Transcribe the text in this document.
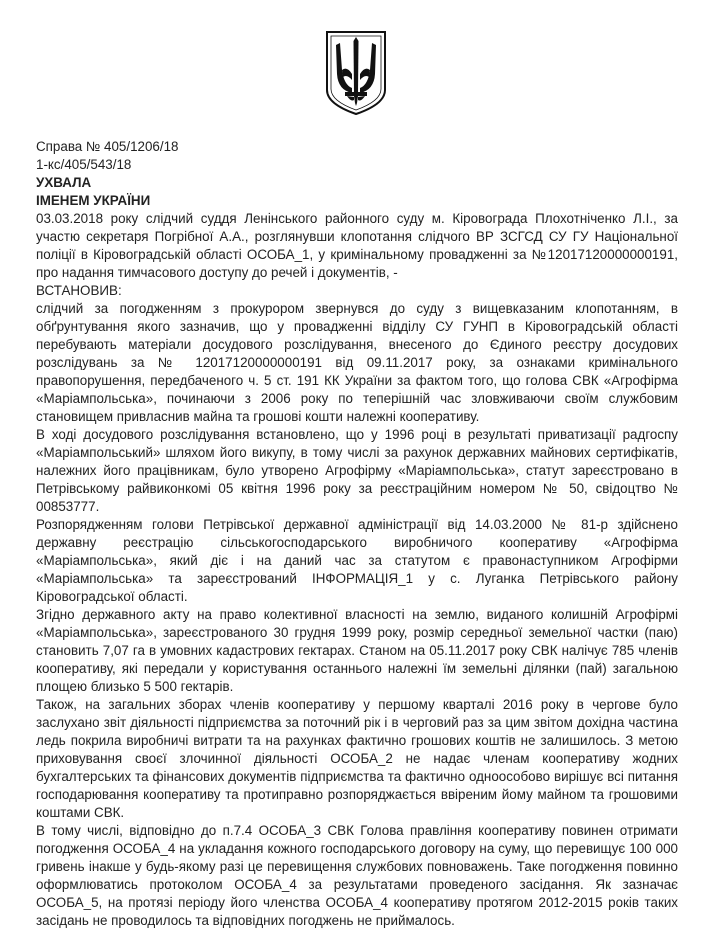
Справа № 405/1206/18
1-кс/405/543/18
УХВАЛА
ІМЕНЕМ УКРАЇНИ

03.03.2018 року слідчий суддя Ленінського районного суду м. Кіровограда Плохотніченко Л.І., за участю секретаря Погрібної А.А., розглянувши клопотання слідчого ВР ЗСГСД СУ ГУ Національної поліції в Кіровоградській області ОСОБА_1, у кримінальному провадженні за №12017120000000191, про надання тимчасового доступу до речей і документів, -

ВСТАНОВИВ:

слідчий за погодженням з прокурором звернувся до суду з вищевказаним клопотанням, в обґрунтування якого зазначив, що у провадженні відділу СУ ГУНП в Кіровоградській області перебувають матеріали досудового розслідування, внесеного до Єдиного реєстру досудових розслідувань за № 12017120000000191 від 09.11.2017 року, за ознаками кримінального правопорушення, передбаченого ч. 5 ст. 191 КК України за фактом того, що голова СВК «Агрофірма «Маріампольська», починаючи з 2006 року по теперішній час зловживаючи своїм службовим становищем привласнив майна та грошові кошти належні кооперативу.

В ході досудового розслідування встановлено, що у 1996 році в результаті приватизації радгоспу «Маріампольський» шляхом його викупу, в тому числі за рахунок державних майнових сертифікатів, належних його працівникам, було утворено Агрофірму «Маріампольська», статут зареєстровано в Петрівському райвиконкомі 05 квітня 1996 року за реєстраційним номером № 50, свідоцтво № 00853777.

Розпорядженням голови Петрівської державної адміністрації від 14.03.2000 № 81-р здійснено державну реєстрацію сільськогосподарського виробничого кооперативу «Агрофірма «Маріампольська», який діє і на даний час за статутом є правонаступником Агрофірми «Маріампольська» та зареєстрований ІНФОРМАЦІЯ_1 у с. Луганка Петрівського району Кіровоградської області.

Згідно державного акту на право колективної власності на землю, виданого колишній Агрофірмі «Маріампольська», зареєстрованого 30 грудня 1999 року, розмір середньої земельної частки (паю) становить 7,07 га в умовних кадастрових гектарах. Станом на 05.11.2017 року СВК налічує 785 членів кооперативу, які передали у користування останнього належні їм земельні ділянки (пай) загальною площею близько 5 500 гектарів.

Також, на загальних зборах членів кооперативу у першому кварталі 2016 року в чергове було заслухано звіт діяльності підприємства за поточний рік і в черговий раз за цим звітом дохідна частина ледь покрила виробничі витрати та на рахунках фактично грошових коштів не залишилось. З метою приховування своєї злочинної діяльності ОСОБА_2 не надає членам кооперативу жодних бухгалтерських та фінансових документів підприємства та фактично одноособово вирішує всі питання господарювання кооперативу та протиправно розпоряджається ввіреним йому майном та грошовими коштами СВК.

В тому числі, відповідно до п.7.4 ОСОБА_3 СВК Голова правління кооперативу повинен отримати погодження ОСОБА_4 на укладання кожного господарського договору на суму, що перевищує 100 000 гривень інакше у будь-якому разі це перевищення службових повноважень. Таке погодження повинно оформлюватись протоколом ОСОБА_4 за результатами проведеного засідання. Як зазначає ОСОБА_5, на протязі періоду його членства ОСОБА_4 кооперативу протягом 2012-2015 років таких засідань не проводилось та відповідних погоджень не приймалось.
